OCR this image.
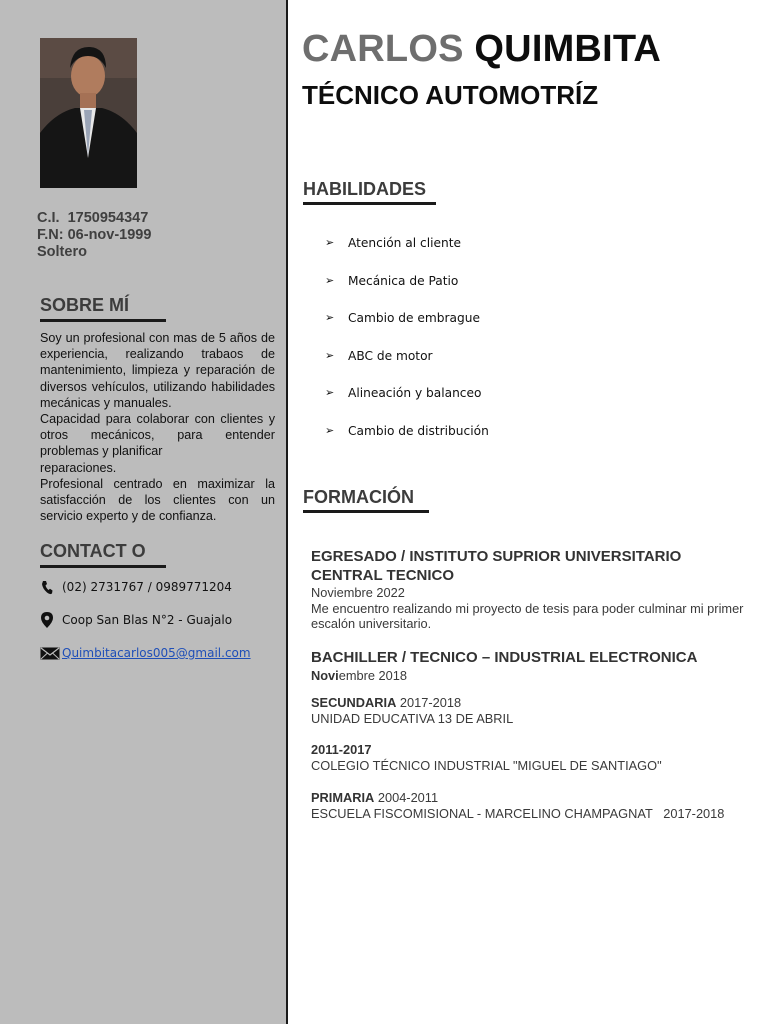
C.I.  1750954347
F.N: 06-nov-1999
Soltero
SOBRE MÍ

Soy un profesional con mas de 5 años de experiencia, realizando trabaos de mantenimiento, limpieza y reparación de diversos vehículos, utilizando habilidades mecánicas y manuales.

Capacidad para colaborar con clientes y otros mecánicos, para entender problemas y planificar

reparaciones.

Profesional centrado en maximizar la satisfacción de los clientes con un servicio experto y de confianza.

CONTACT O
(02) 2731767 / 0989771204
Coop San Blas N°2 - Guajalo
Quimbitacarlos005@gmail.com
CARLOS QUIMBITA
TÉCNICO AUTOMOTRÍZ
HABILIDADES
➢	Atención al cliente
➢	Mecánica de Patio
➢	Cambio de embrague
➢	ABC de motor
➢	Alineación y balanceo
➢	Cambio de distribución
FORMACIÓN
EGRESADO / INSTITUTO SUPRIOR UNIVERSITARIO CENTRAL TECNICO
Noviembre 2022
Me encuentro realizando mi proyecto de tesis para poder culminar mi primer escalón universitario.
BACHILLER / TECNICO – INDUSTRIAL ELECTRONICA
Noviembre 2018
SECUNDARIA 2017-2018
UNIDAD EDUCATIVA 13 DE ABRIL
2011-2017
COLEGIO TÉCNICO INDUSTRIAL "MIGUEL DE SANTIAGO"
PRIMARIA 2004-2011
ESCUELA FISCOMISIONAL - MARCELINO CHAMPAGNAT   2017-2018
